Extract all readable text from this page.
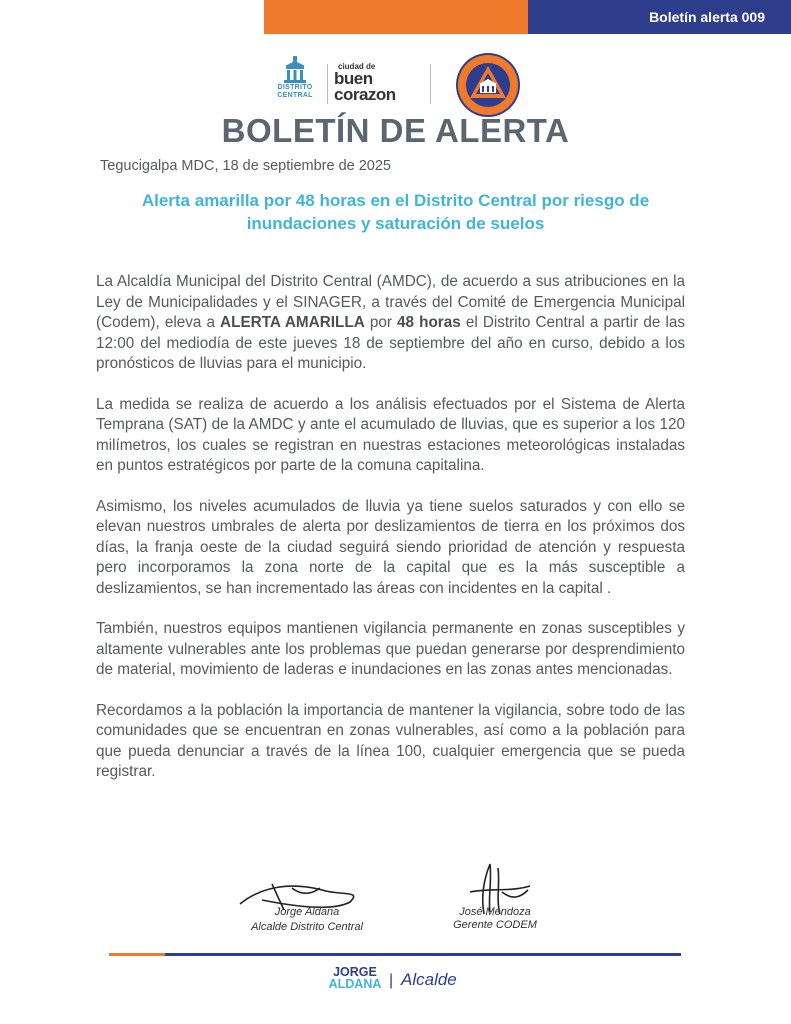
Boletín alerta 009
DISTRITO
CENTRAL
ciudad de
buen
corazon
BOLETÍN DE ALERTA
Tegucigalpa MDC, 18 de septiembre de 2025
Alerta amarilla por 48 horas en el Distrito Central por riesgo de inundaciones y saturación de suelos

La Alcaldía Municipal del Distrito Central (AMDC), de acuerdo a sus atribuciones en la Ley de Municipalidades y el SINAGER, a través del Comité de Emergencia Municipal (Codem), eleva a ALERTA AMARILLA por 48 horas el Distrito Central a partir de las 12:00 del mediodía de este jueves 18 de septiembre del año en curso, debido a los pronósticos de lluvias para el municipio.

La medida se realiza de acuerdo a los análisis efectuados por el Sistema de Alerta Temprana (SAT) de la AMDC y ante el acumulado de lluvias, que es superior a los 120 milímetros, los cuales se registran en nuestras estaciones meteorológicas instaladas en puntos estratégicos por parte de la comuna capitalina.

Asimismo, los niveles acumulados de lluvia ya tiene suelos saturados y con ello se elevan nuestros umbrales de alerta por deslizamientos de tierra en los próximos dos días, la franja oeste de la ciudad seguirá siendo prioridad de atención y respuesta pero incorporamos la zona norte de la capital que es la más susceptible a deslizamientos, se han incrementado las áreas con incidentes en la capital .

También, nuestros equipos mantienen vigilancia permanente en zonas susceptibles y altamente vulnerables ante los problemas que puedan generarse por desprendimiento de material, movimiento de laderas e inundaciones en las zonas antes mencionadas.

Recordamos a la población la importancia de mantener la vigilancia, sobre todo de las comunidades que se encuentran en zonas vulnerables, así como a la población para que pueda denunciar a través de la línea 100, cualquier emergencia que se pueda registrar.

Jorge Aldana
Alcalde Distrito Central
José Mendoza
Gerente CODEM
JORGE
ALDANA | Alcalde
